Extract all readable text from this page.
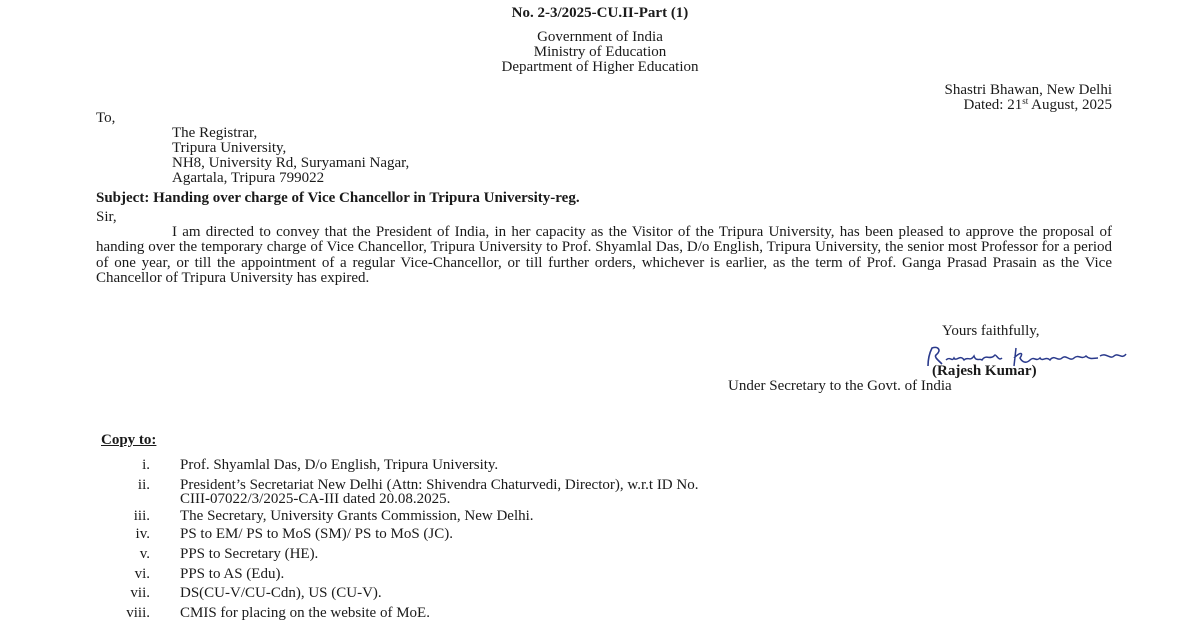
No. 2-3/2025-CU.II-Part (1)
Government of India
Ministry of Education
Department of Higher Education
Shastri Bhawan, New Delhi
Dated: 21st August, 2025
To,
The Registrar,
Tripura University,
NH8, University Rd, Suryamani Nagar,
Agartala, Tripura 799022
Subject: Handing over charge of Vice Chancellor in Tripura University-reg.
Sir,
I am directed to convey that the President of India, in her capacity as the Visitor of the Tripura University, has been pleased to approve the proposal of handing over the temporary charge of Vice Chancellor, Tripura University to Prof. Shyamlal Das, D/o English, Tripura University, the senior most Professor for a period of one year, or till the appointment of a regular Vice-Chancellor, or till further orders, whichever is earlier, as the term of Prof. Ganga Prasad Prasain as the Vice Chancellor of Tripura University has expired.
Yours faithfully,
(Rajesh Kumar)
Under Secretary to the Govt. of India
Copy to:
i. Prof. Shyamlal Das, D/o English, Tripura University.
ii. President’s Secretariat New Delhi (Attn: Shivendra Chaturvedi, Director), w.r.t ID No.
CIII-07022/3/2025-CA-III dated 20.08.2025.
iii. The Secretary, University Grants Commission, New Delhi.
iv. PS to EM/ PS to MoS (SM)/ PS to MoS (JC).
v. PPS to Secretary (HE).
vi. PPS to AS (Edu).
vii. DS(CU-V/CU-Cdn), US (CU-V).
viii. CMIS for placing on the website of MoE.
